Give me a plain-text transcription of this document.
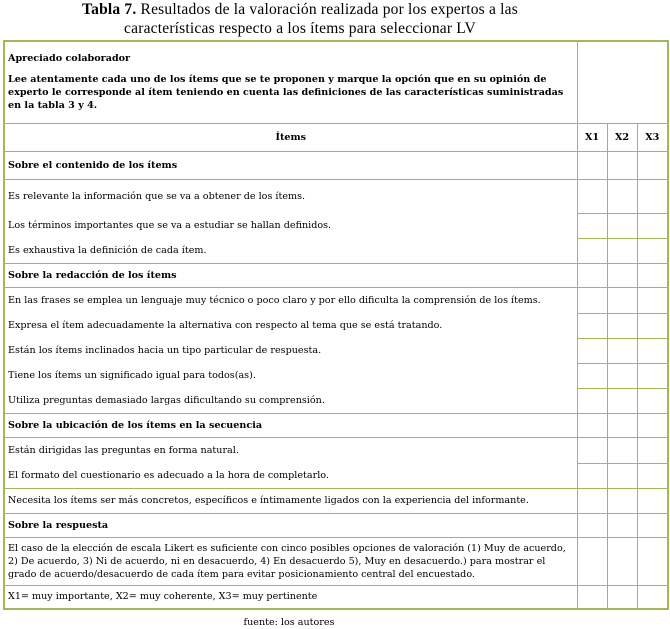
Tabla 7. Resultados de la valoración realizada por los expertos a las
características respecto a los ítems para seleccionar LV

Apreciado colaborador

Lee atentamente cada uno de los ítems que se te proponen y marque la opción que en su opinión de experto le corresponde al ítem teniendo en cuenta las definiciones de las características suministradas en la tabla 3 y 4.			

Ítems	X1	X2	X3
Sobre el contenido de los ítems			
Es relevante la información que se va a obtener de los ítems.			
Los términos importantes que se va a estudiar se hallan definidos.			
Es exhaustiva la definición de cada ítem.			
Sobre la redacción de los ítems			
En las frases se emplea un lenguaje muy técnico o poco claro y por ello dificulta la comprensión de los ítems.			
Expresa el ítem adecuadamente la alternativa con respecto al tema que se está tratando.			
Están los ítems inclinados hacia un tipo particular de respuesta.			
Tiene los ítems un significado igual para todos(as).			
Utiliza preguntas demasiado largas dificultando su comprensión.			
Sobre la ubicación de los ítems en la secuencia			
Están dirigidas las preguntas en forma natural.			
El formato del cuestionario es adecuado a la hora de completarlo.			
Necesita los ítems ser más concretos, específicos e íntimamente ligados con la experiencia del informante.			
Sobre la respuesta			
El caso de la elección de escala Likert es suficiente con cinco posibles opciones de valoración (1) Muy de acuerdo, 2) De acuerdo, 3) Ni de acuerdo, ni en desacuerdo, 4) En desacuerdo 5), Muy en desacuerdo.) para mostrar el grado de acuerdo/desacuerdo de cada ítem para evitar posicionamiento central del encuestado.			
X1= muy importante, X2= muy coherente, X3= muy pertinente			
fuente: los autores
